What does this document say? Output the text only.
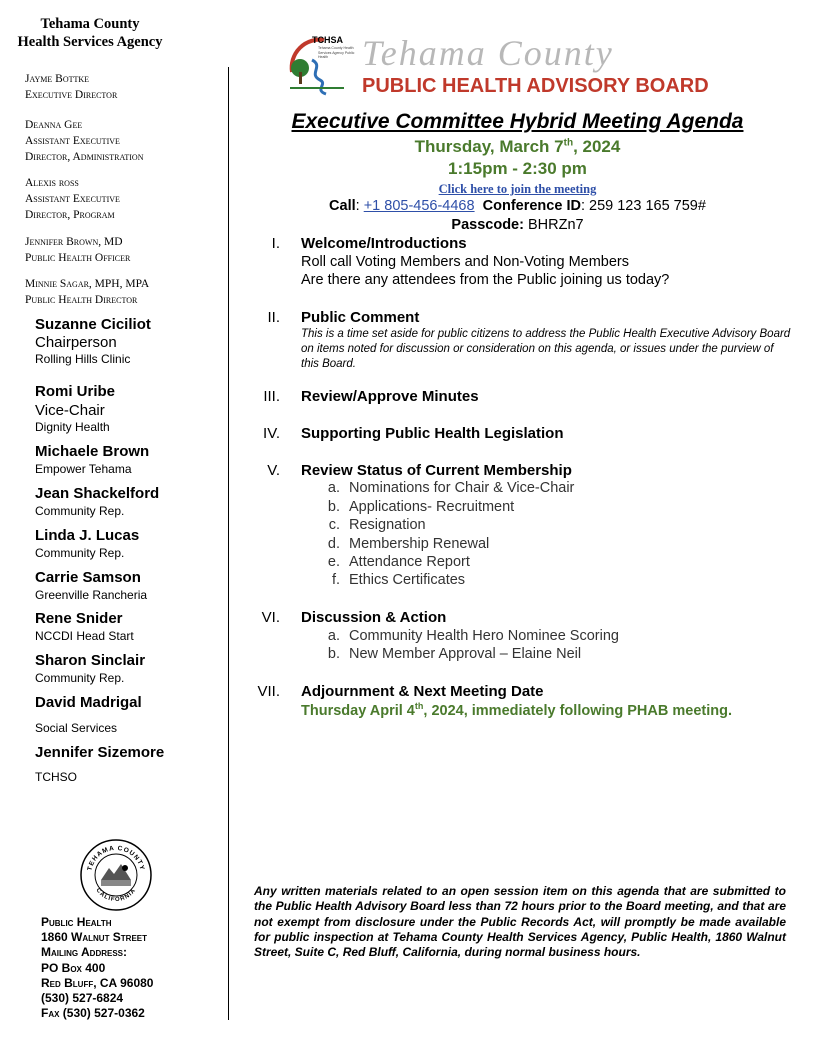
Tehama County
Health Services Agency
Jayme Bottke
Executive Director
Deanna Gee
Assistant Executive
Director, Administration
Alexis ross
Assistant Executive
Director, Program
Jennifer Brown, MD
Public Health Officer
Minnie Sagar, MPH, MPA
Public Health Director
Suzanne Ciciliot
Chairperson
Rolling Hills Clinic
Romi Uribe
Vice-Chair
Dignity Health
Michaele Brown
Empower Tehama
Jean Shackelford
Community Rep.
Linda J. Lucas
Community Rep.
Carrie Samson
Greenville Rancheria
Rene Snider
NCCDI Head Start
Sharon Sinclair
Community Rep.
David Madrigal
Social Services
Jennifer Sizemore
TCHSO
TEHAMA COUNTY
CALIFORNIA
Public Health
1860 Walnut Street
Mailing Address:
PO Box 400
Red Bluff, CA 96080
(530) 527-6824
Fax (530) 527-0362
TCHSA
Tehama County Health Services Agency Public Health Tehama County
PUBLIC HEALTH ADVISORY BOARD
Executive Committee Hybrid Meeting Agenda
Thursday, March 7th, 2024
1:15pm - 2:30 pm
Click here to join the meeting
Call: +1 805-456-4468 Conference ID: 259 123 165 759#
Passcode: BHRZn7
I. Welcome/Introductions
Roll call Voting Members and Non-Voting Members
Are there any attendees from the Public joining us today?
II. Public Comment
This is a time set aside for public citizens to address the Public Health Executive Advisory Board on items noted for discussion or consideration on this agenda, or issues under the purview of this Board.
III. Review/Approve Minutes
IV. Supporting Public Health Legislation
V. Review Status of Current Membership
a. Nominations for Chair & Vice-Chair
b. Applications- Recruitment
c. Resignation
d. Membership Renewal
e. Attendance Report
f. Ethics Certificates
VI. Discussion & Action
a. Community Health Hero Nominee Scoring
b. New Member Approval – Elaine Neil
VII. Adjournment & Next Meeting Date
Thursday April 4th, 2024, immediately following PHAB meeting.
Any written materials related to an open session item on this agenda that are submitted to the Public Health Advisory Board less than 72 hours prior to the Board meeting, and that are not exempt from disclosure under the Public Records Act, will promptly be made available for public inspection at Tehama County Health Services Agency, Public Health, 1860 Walnut Street, Suite C, Red Bluff, California, during normal business hours.
